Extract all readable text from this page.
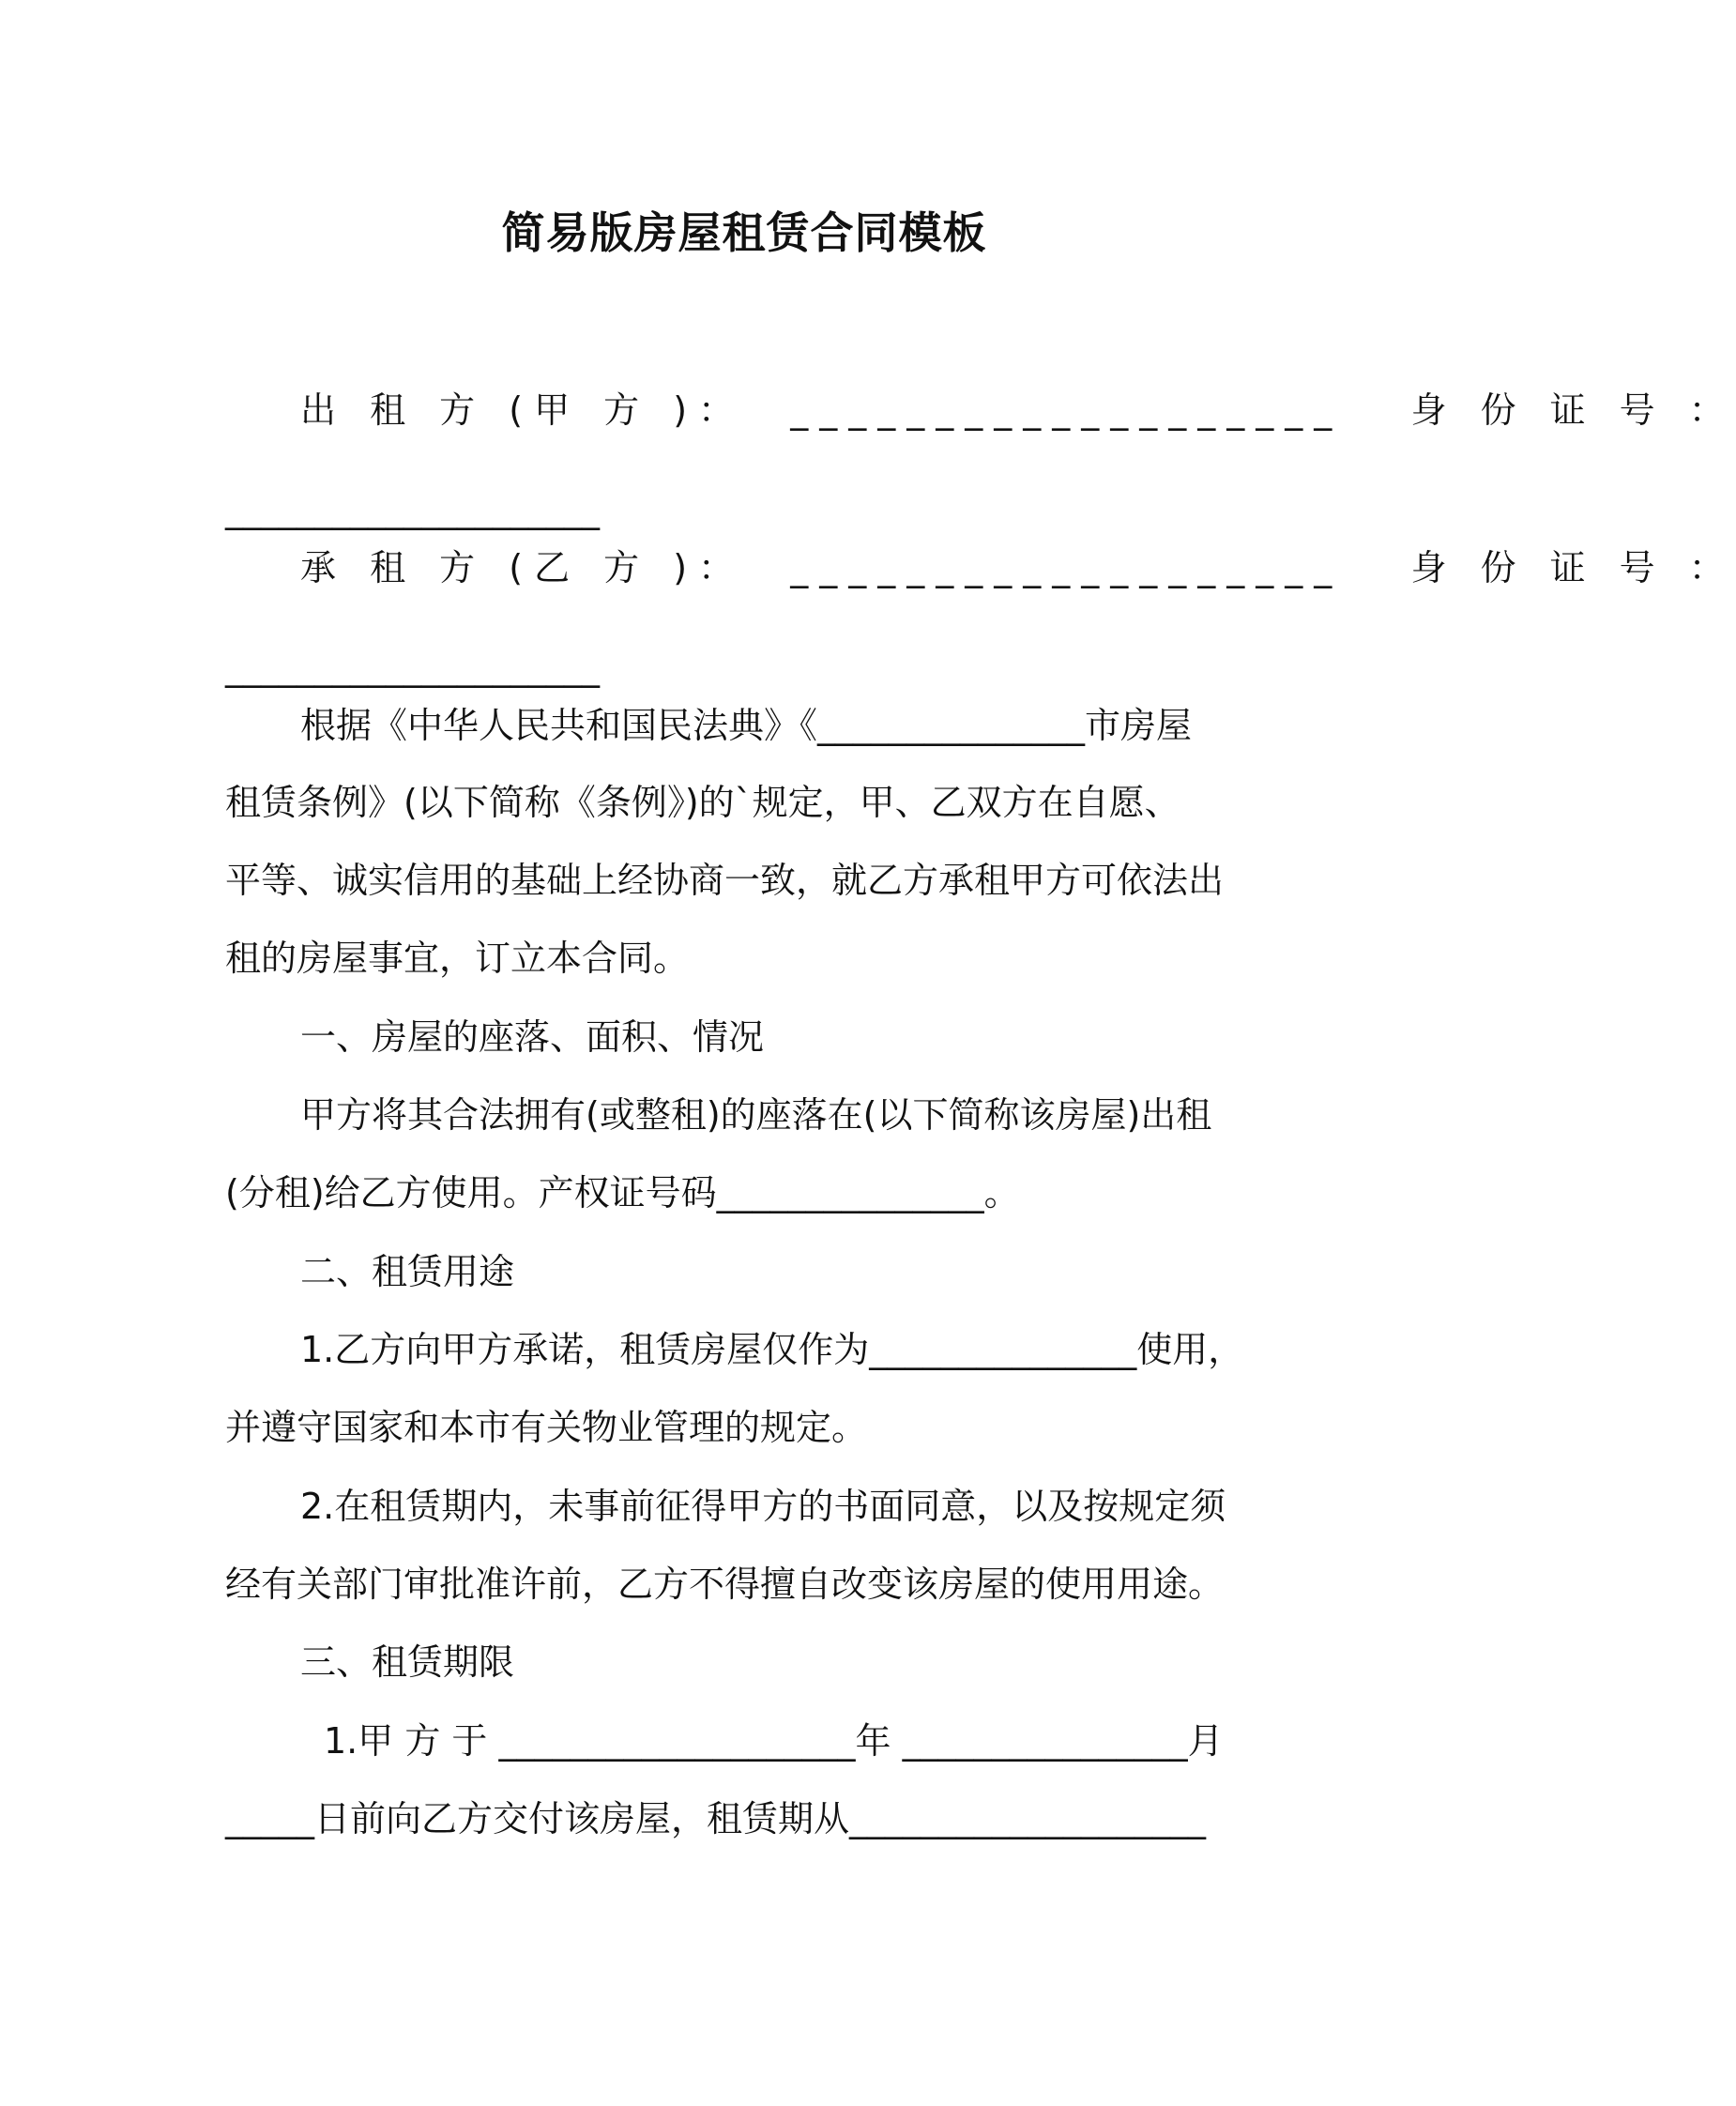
简易版房屋租赁合同模板
出 租 方 (甲 方 )：  ___________________   身 份 证 号 ：
_____________________
承 租 方 (乙 方 )：  ___________________   身 份 证 号 ：
_____________________
根据《中华人民共和国民法典》《_______________市房屋
租赁条例》(以下简称《条例》)的`规定，甲、乙双方在自愿、
平等、诚实信用的基础上经协商一致，就乙方承租甲方可依法出
租的房屋事宜，订立本合同。
一、房屋的座落、面积、情况
甲方将其合法拥有(或整租)的座落在(以下简称该房屋)出租
(分租)给乙方使用。产权证号码_______________。
二、租赁用途
1.乙方向甲方承诺，租赁房屋仅作为_______________使用，
并遵守国家和本市有关物业管理的规定。
2.在租赁期内，未事前征得甲方的书面同意，以及按规定须
经有关部门审批准许前，乙方不得擅自改变该房屋的使用用途。
三、租赁期限
1.甲 方 于 ____________________年 ________________月
_____日前向乙方交付该房屋，租赁期从____________________
